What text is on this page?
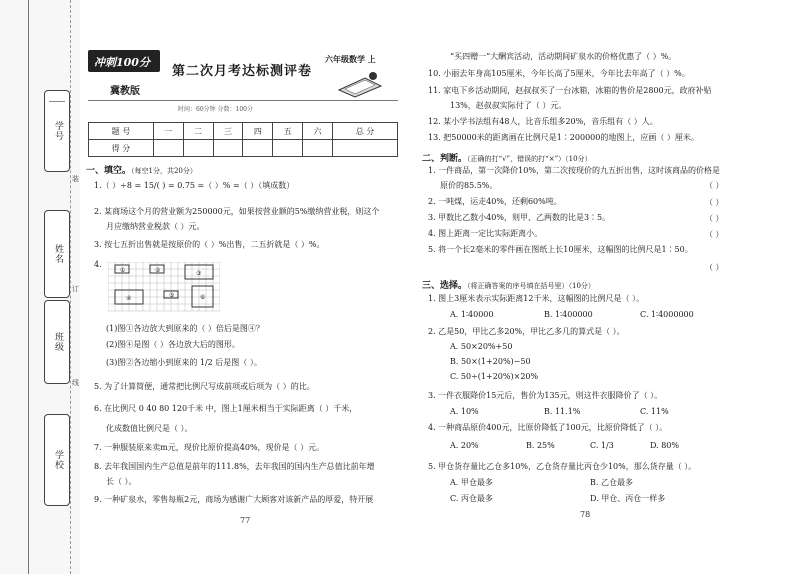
学号
姓名
班级
学校
装
订
线
冲刺100分
冀教版
第二次月考达标测评卷
六年级数学 上
时间：60分钟 分数：100分
题 号	一	二	三	四	五	六	总 分
得 分							
一、填空。（每空1分，共20分）
1.（ ）÷8 = 15/( ) = 0.75 =（ ）% =（ ）（填成数）
2. 某商场这个月的营业额为250000元，如果按营业额的5%缴纳营业税，则这个
月应缴纳营业税款（ ）元。
3. 按七五折出售就是按原价的（ ）%出售，二五折就是（ ）%。
4.
①	②	③
④	⑤	⑥
(1)图①各边放大到原来的（ ）倍后是图④？
(2)图④是图（ ）各边放大后的图形。
(3)图②各边缩小到原来的 1/2 后是图（ ）。
5. 为了计算简便，通常把比例尺写成前项或后项为（ ）的比。
6. 在比例尺 0 40 80 120千米 中，图上1厘米相当于实际距离（ ）千米，
化成数值比例尺是（ ）。
7. 一种服装原来卖m元，现价比原价提高40%，现价是（ ）元。
8. 去年我国国内生产总值是前年的111.8%，去年我国的国内生产总值比前年增
长（ ）。
9. 一种矿泉水，零售每瓶2元，商场为感谢广大顾客对该新产品的厚爱，特开展
77
“买四赠一”大酬宾活动，活动期间矿泉水的价格优惠了（ ）%。
10. 小丽去年身高105厘米，今年长高了5厘米，今年比去年高了（ ）%。
11. 家电下乡活动期间，赵叔叔买了一台冰箱，冰箱的售价是2800元，政府补贴
13%，赵叔叔实际付了（ ）元。
12. 某小学书法组有48人，比音乐组多20%，音乐组有（ ）人。
13. 把50000米的距离画在比例尺是1∶200000的地图上，应画（ ）厘米。
二、判断。（正确的打“√”，错误的打“×”）（10分）
1. 一件商品，第一次降价10%，第二次按现价的九五折出售，这时该商品的价格是
原价的85.5%。	（ ）
2. 一吨煤，运走40%，还剩60%吨。	（ ）
3. 甲数比乙数小40%，则甲、乙两数的比是3∶5。	（ ）
4. 图上距离一定比实际距离小。	（ ）
5. 将一个长2毫米的零件画在图纸上长10厘米，这幅图的比例尺是1∶50。
（ ）
三、选择。（将正确答案的序号填在括号里）（10分）
1. 图上3厘米表示实际距离12千米，这幅图的比例尺是（ ）。
A. 1∶40000	B. 1∶400000	C. 1∶4000000
2. 乙是50，甲比乙多20%，甲比乙多几的算式是（ ）。
A. 50×20%+50
B. 50×(1+20%)−50
C. 50÷(1+20%)×20%
3. 一件衣服降价15元后，售价为135元，则这件衣服降价了（ ）。
A. 10%	B. 11.1%	C. 11%
4. 一种商品原价400元，比原价降低了100元，比原价降低了（ ）。
A. 20%	B. 25%	C. 1/3	D. 80%
5. 甲仓货存量比乙仓多10%，乙仓货存量比丙仓少10%，那么货存量（ ）。
A. 甲仓最多	B. 乙仓最多
C. 丙仓最多	D. 甲仓、丙仓一样多
78
